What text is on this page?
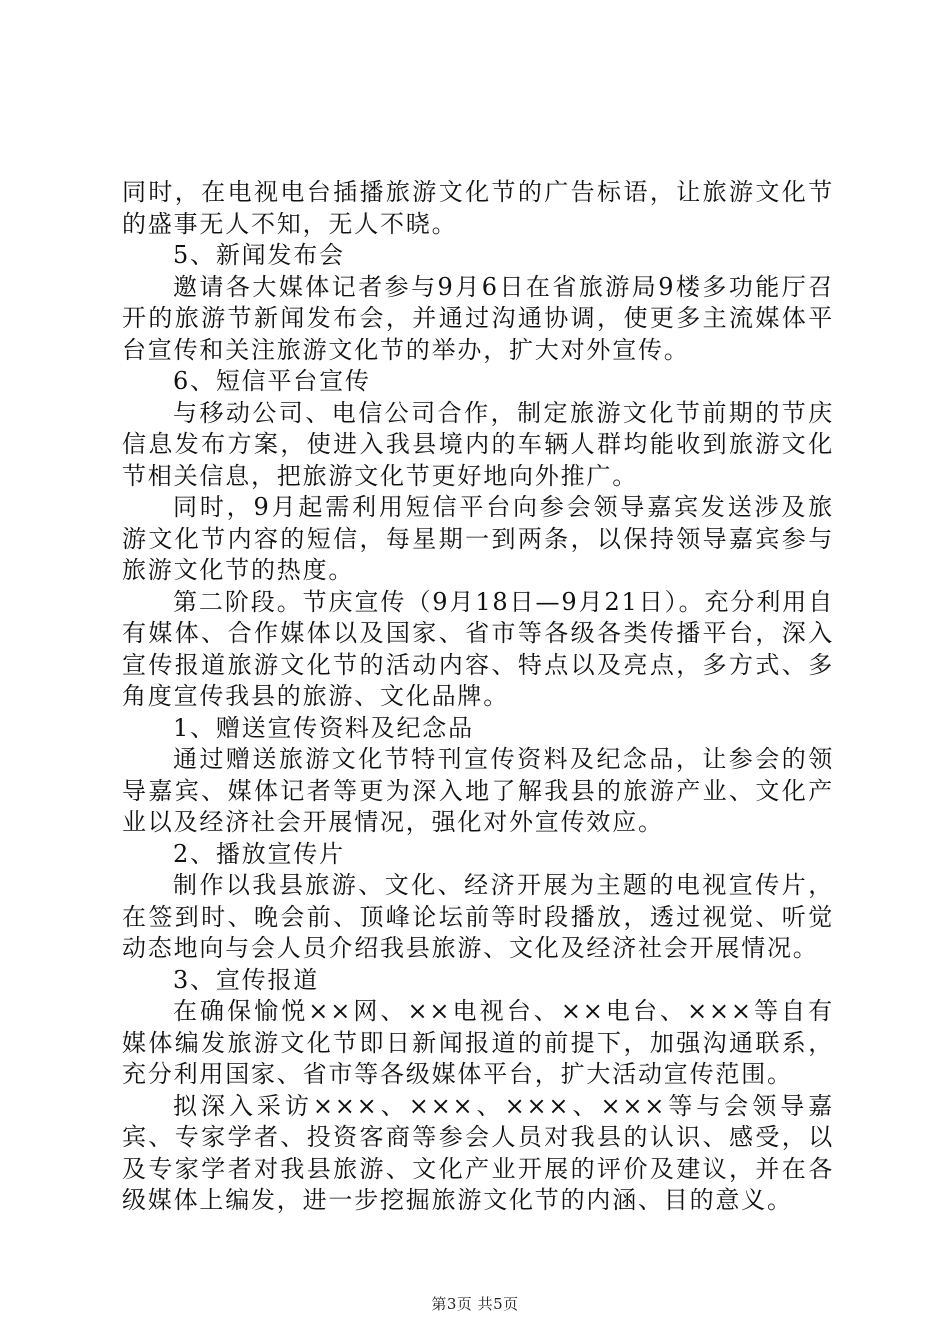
同时，在电视电台插播旅游文化节的广告标语，让旅游文化节的盛事无人不知，无人不晓。

5、新闻发布会

邀请各大媒体记者参与9月6日在省旅游局9楼多功能厅召开的旅游节新闻发布会，并通过沟通协调，使更多主流媒体平台宣传和关注旅游文化节的举办，扩大对外宣传。

6、短信平台宣传

与移动公司、电信公司合作，制定旅游文化节前期的节庆信息发布方案，使进入我县境内的车辆人群均能收到旅游文化节相关信息，把旅游文化节更好地向外推广。

同时，9月起需利用短信平台向参会领导嘉宾发送涉及旅游文化节内容的短信，每星期一到两条，以保持领导嘉宾参与旅游文化节的热度。

第二阶段。节庆宣传（9月18日—9月21日）。充分利用自有媒体、合作媒体以及国家、省市等各级各类传播平台，深入宣传报道旅游文化节的活动内容、特点以及亮点，多方式、多角度宣传我县的旅游、文化品牌。

1、赠送宣传资料及纪念品

通过赠送旅游文化节特刊宣传资料及纪念品，让参会的领导嘉宾、媒体记者等更为深入地了解我县的旅游产业、文化产业以及经济社会开展情况，强化对外宣传效应。

2、播放宣传片

制作以我县旅游、文化、经济开展为主题的电视宣传片，在签到时、晚会前、顶峰论坛前等时段播放，透过视觉、听觉动态地向与会人员介绍我县旅游、文化及经济社会开展情况。

3、宣传报道

在确保愉悦××网、××电视台、××电台、×××等自有媒体编发旅游文化节即日新闻报道的前提下，加强沟通联系，充分利用国家、省市等各级媒体平台，扩大活动宣传范围。

拟深入采访×××、×××、×××、×××等与会领导嘉宾、专家学者、投资客商等参会人员对我县的认识、感受，以及专家学者对我县旅游、文化产业开展的评价及建议，并在各级媒体上编发，进一步挖掘旅游文化节的内涵、目的意义。

第3页 共5页
